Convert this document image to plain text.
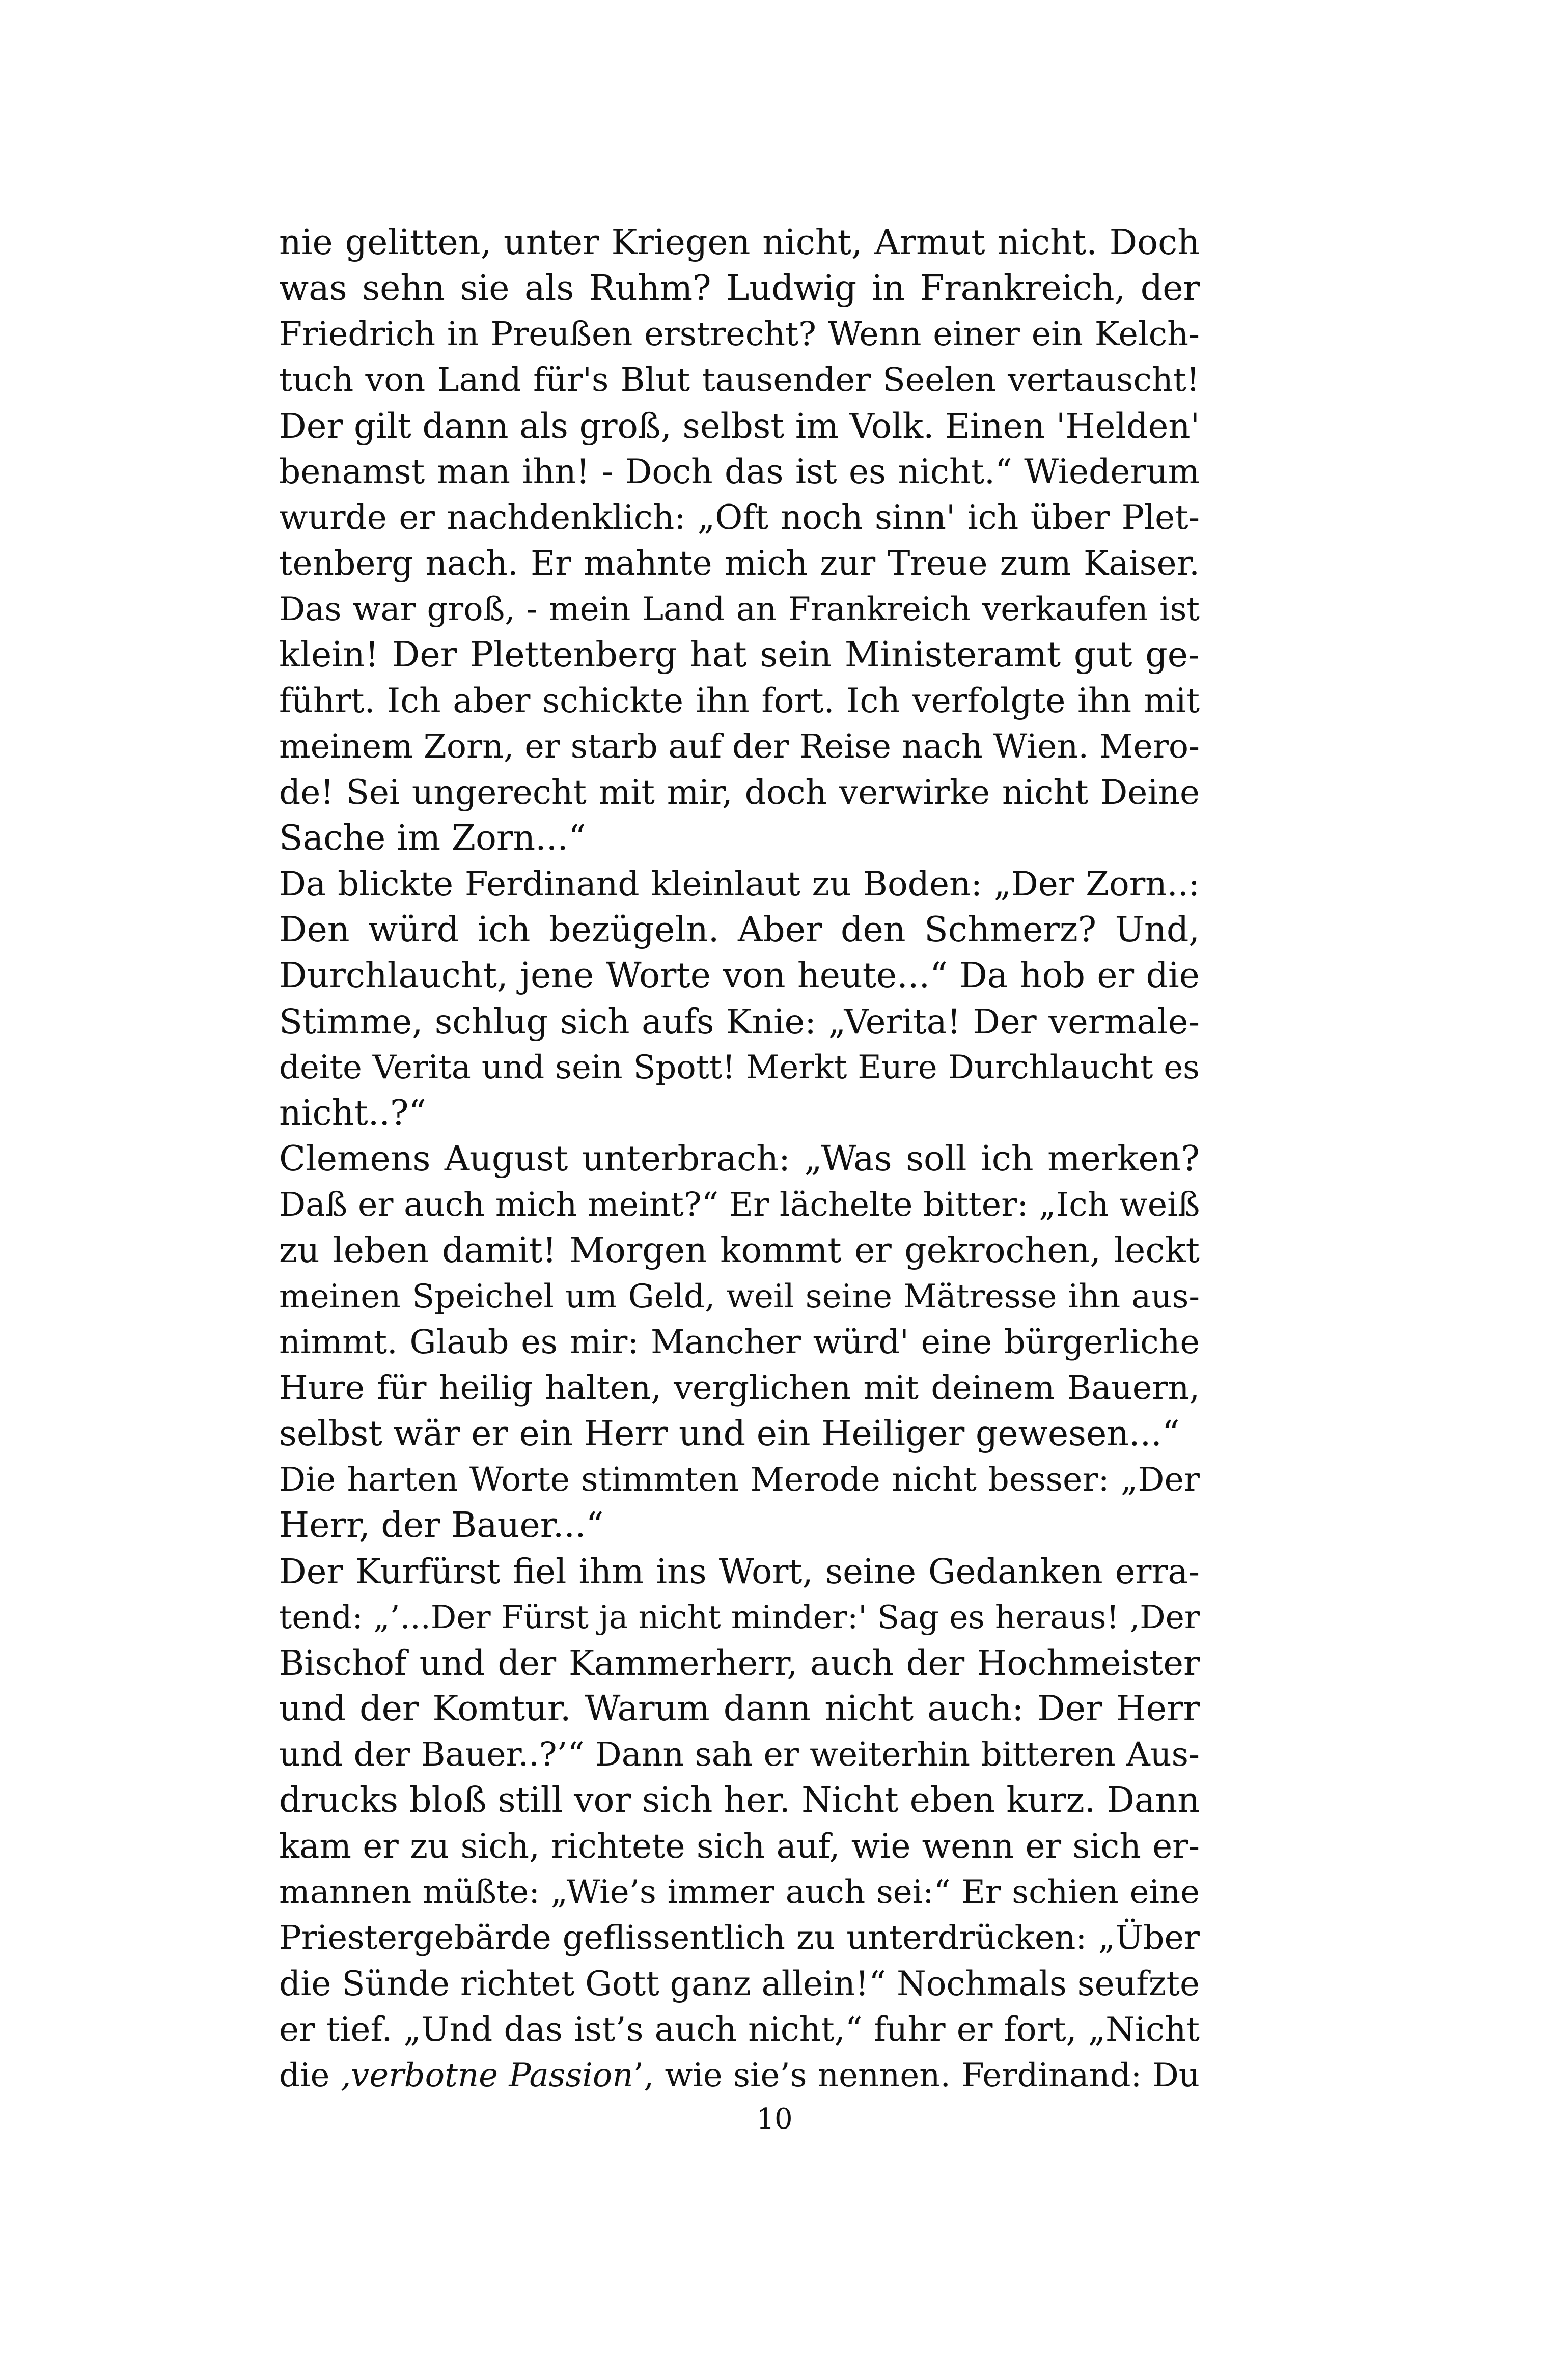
nie gelitten, unter Kriegen nicht, Armut nicht. Doch
was sehn sie als Ruhm? Ludwig in Frankreich, der
Friedrich in Preußen erstrecht? Wenn einer ein Kelch-
tuch von Land für's Blut tausender Seelen vertauscht!
Der gilt dann als groß, selbst im Volk. Einen 'Helden'
benamst man ihn! - Doch das ist es nicht.“ Wiederum
wurde er nachdenklich: „Oft noch sinn' ich über Plet-
tenberg nach. Er mahnte mich zur Treue zum Kaiser.
Das war groß, - mein Land an Frankreich verkaufen ist
klein! Der Plettenberg hat sein Ministeramt gut ge-
führt. Ich aber schickte ihn fort. Ich verfolgte ihn mit
meinem Zorn, er starb auf der Reise nach Wien. Mero-
de! Sei ungerecht mit mir, doch verwirke nicht Deine
Sache im Zorn...“
Da blickte Ferdinand kleinlaut zu Boden: „Der Zorn..:
Den würd ich bezügeln. Aber den Schmerz? Und,
Durchlaucht, jene Worte von heute...“ Da hob er die
Stimme, schlug sich aufs Knie: „Verita! Der vermale-
deite Verita und sein Spott! Merkt Eure Durchlaucht es
nicht..?“
Clemens August unterbrach: „Was soll ich merken?
Daß er auch mich meint?“ Er lächelte bitter: „Ich weiß
zu leben damit! Morgen kommt er gekrochen, leckt
meinen Speichel um Geld, weil seine Mätresse ihn aus-
nimmt. Glaub es mir: Mancher würd' eine bürgerliche
Hure für heilig halten, verglichen mit deinem Bauern,
selbst wär er ein Herr und ein Heiliger gewesen...“
Die harten Worte stimmten Merode nicht besser: „Der
Herr, der Bauer...“
Der Kurfürst fiel ihm ins Wort, seine Gedanken erra-
tend: „’...Der Fürst ja nicht minder:' Sag es heraus! ‚Der
Bischof und der Kammerherr, auch der Hochmeister
und der Komtur. Warum dann nicht auch: Der Herr
und der Bauer..?’“ Dann sah er weiterhin bitteren Aus-
drucks bloß still vor sich her. Nicht eben kurz. Dann
kam er zu sich, richtete sich auf, wie wenn er sich er-
mannen müßte: „Wie’s immer auch sei:“ Er schien eine
Priestergebärde geflissentlich zu unterdrücken: „Über
die Sünde richtet Gott ganz allein!“ Nochmals seufzte
er tief. „Und das ist’s auch nicht,“ fuhr er fort, „Nicht
die ‚verbotne Passion’, wie sie’s nennen. Ferdinand: Du
10
